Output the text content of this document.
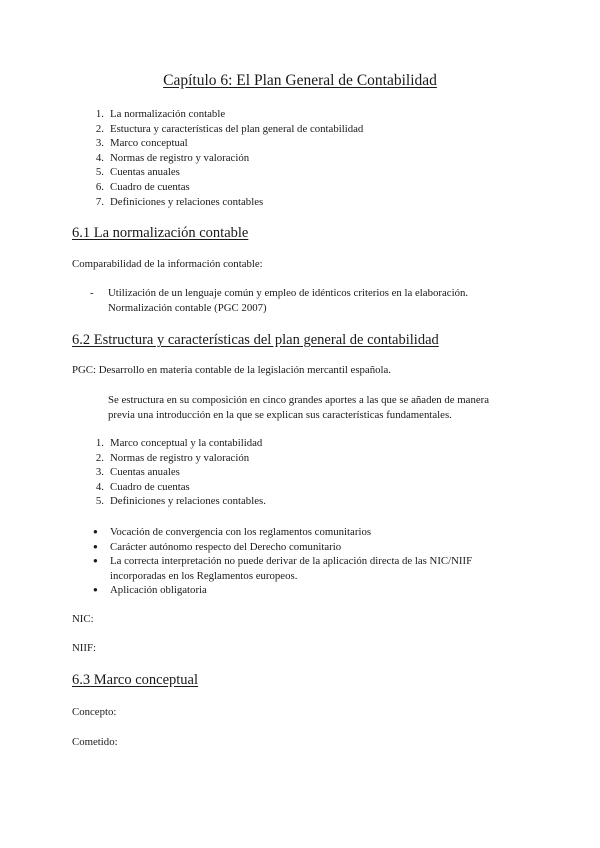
Capítulo 6: El Plan General de Contabilidad
1. La normalización contable
2. Estuctura y características del plan general de contabilidad
3. Marco conceptual
4. Normas de registro y valoración
5. Cuentas anuales
6. Cuadro de cuentas
7. Definiciones y relaciones contables
6.1 La normalización contable

Comparabilidad de la información contable:

- Utilización de un lenguaje común y empleo de idénticos criterios en la elaboración.
Normalización contable (PGC 2007)
6.2 Estructura y características del plan general de contabilidad

PGC: Desarrollo en materia contable de la legislación mercantil española.

Se estructura en su composición en cinco grandes aportes a las que se añaden de manera
previa una introducción en la que se explican sus características fundamentales.
1. Marco conceptual y la contabilidad
2. Normas de registro y valoración
3. Cuentas anuales
4. Cuadro de cuentas
5. Definiciones y relaciones contables.
● Vocación de convergencia con los reglamentos comunitarios
● Carácter autónomo respecto del Derecho comunitario
● La correcta interpretación no puede derivar de la aplicación directa de las NIC/NIIF
incorporadas en los Reglamentos europeos.
● Aplicación obligatoria

NIC:

NIIF:

6.3 Marco conceptual

Concepto:

Cometido:
